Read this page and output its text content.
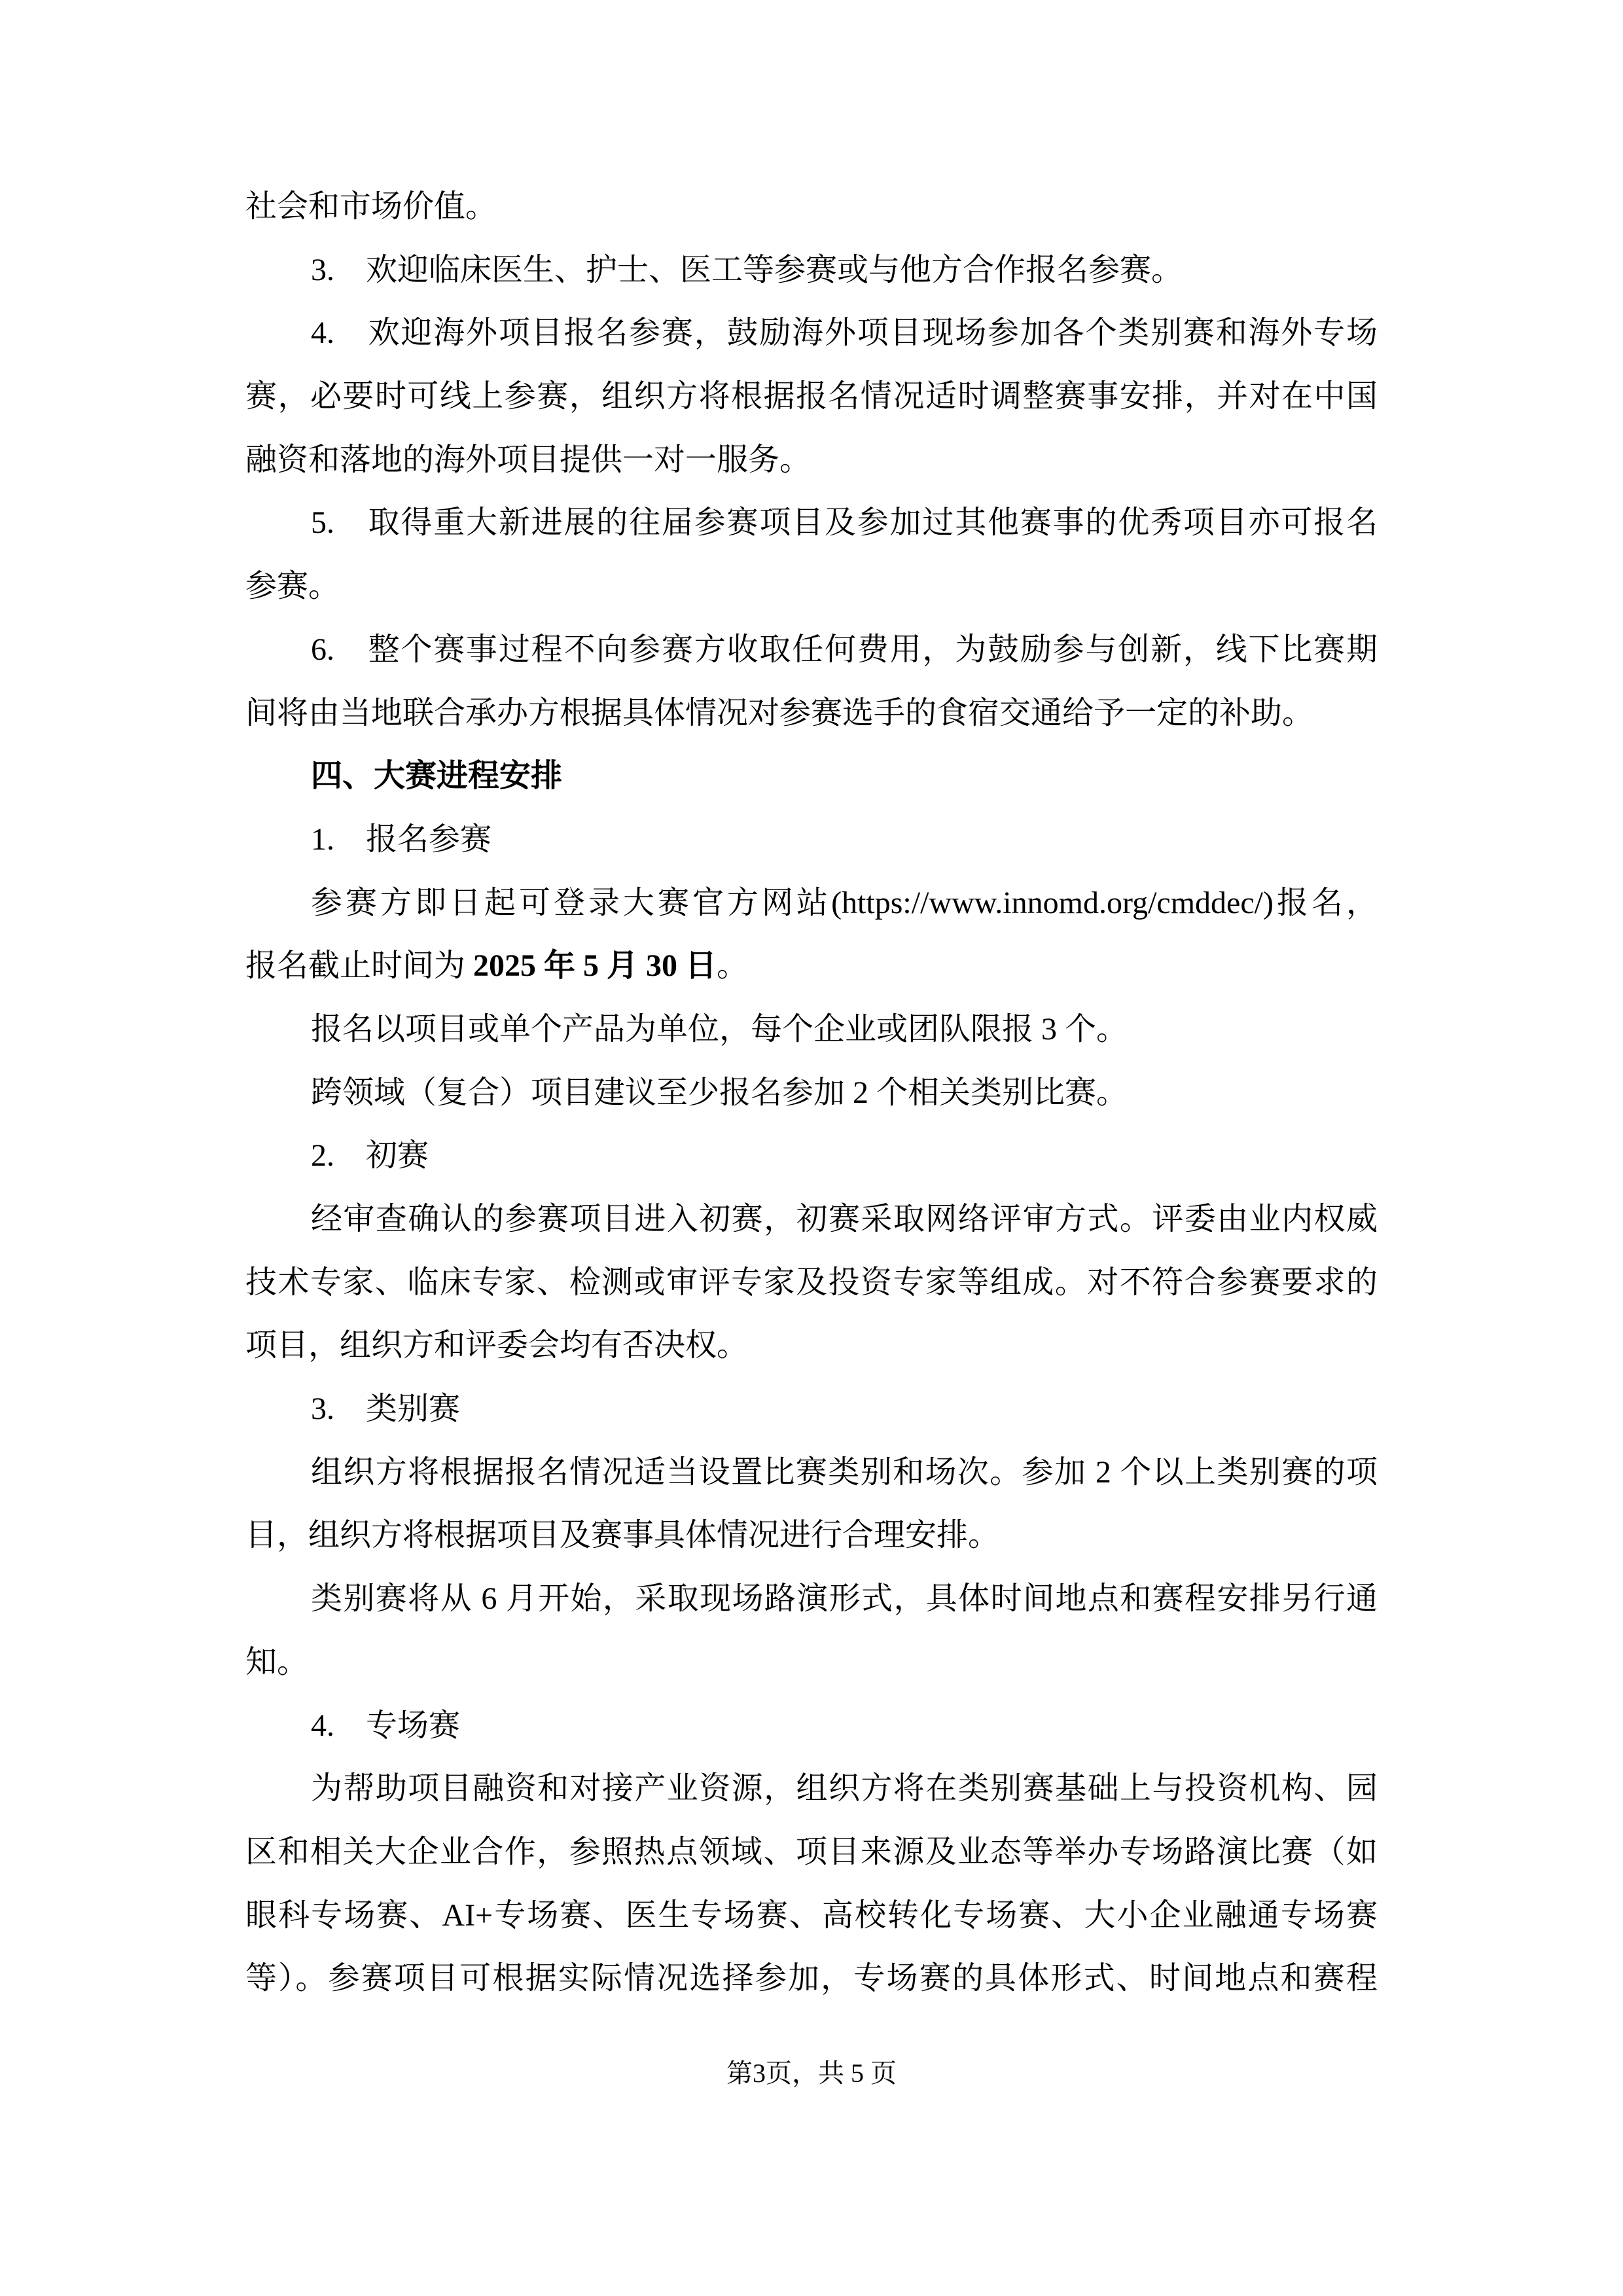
社会和市场价值。
3.　欢迎临床医生、护士、医工等参赛或与他方合作报名参赛。
4.　欢迎海外项目报名参赛，鼓励海外项目现场参加各个类别赛和海外专场
赛，必要时可线上参赛，组织方将根据报名情况适时调整赛事安排，并对在中国
融资和落地的海外项目提供一对一服务。
5.　取得重大新进展的往届参赛项目及参加过其他赛事的优秀项目亦可报名
参赛。
6.　整个赛事过程不向参赛方收取任何费用，为鼓励参与创新，线下比赛期
间将由当地联合承办方根据具体情况对参赛选手的食宿交通给予一定的补助。
四、大赛进程安排
1.　报名参赛
参赛方即日起可登录大赛官方网站(https://www.innomd.org/cmddec/)报名，
报名截止时间为 2025 年 5 月 30 日。
报名以项目或单个产品为单位，每个企业或团队限报 3 个。
跨领域（复合）项目建议至少报名参加 2 个相关类别比赛。
2.　初赛
经审查确认的参赛项目进入初赛，初赛采取网络评审方式。评委由业内权威
技术专家、临床专家、检测或审评专家及投资专家等组成。对不符合参赛要求的
项目，组织方和评委会均有否决权。
3.　类别赛
组织方将根据报名情况适当设置比赛类别和场次。参加 2 个以上类别赛的项
目，组织方将根据项目及赛事具体情况进行合理安排。
类别赛将从 6 月开始，采取现场路演形式，具体时间地点和赛程安排另行通
知。
4.　专场赛
为帮助项目融资和对接产业资源，组织方将在类别赛基础上与投资机构、园
区和相关大企业合作，参照热点领域、项目来源及业态等举办专场路演比赛（如
眼科专场赛、AI+专场赛、医生专场赛、高校转化专场赛、大小企业融通专场赛
等）。参赛项目可根据实际情况选择参加，专场赛的具体形式、时间地点和赛程
第3页，共 5 页
